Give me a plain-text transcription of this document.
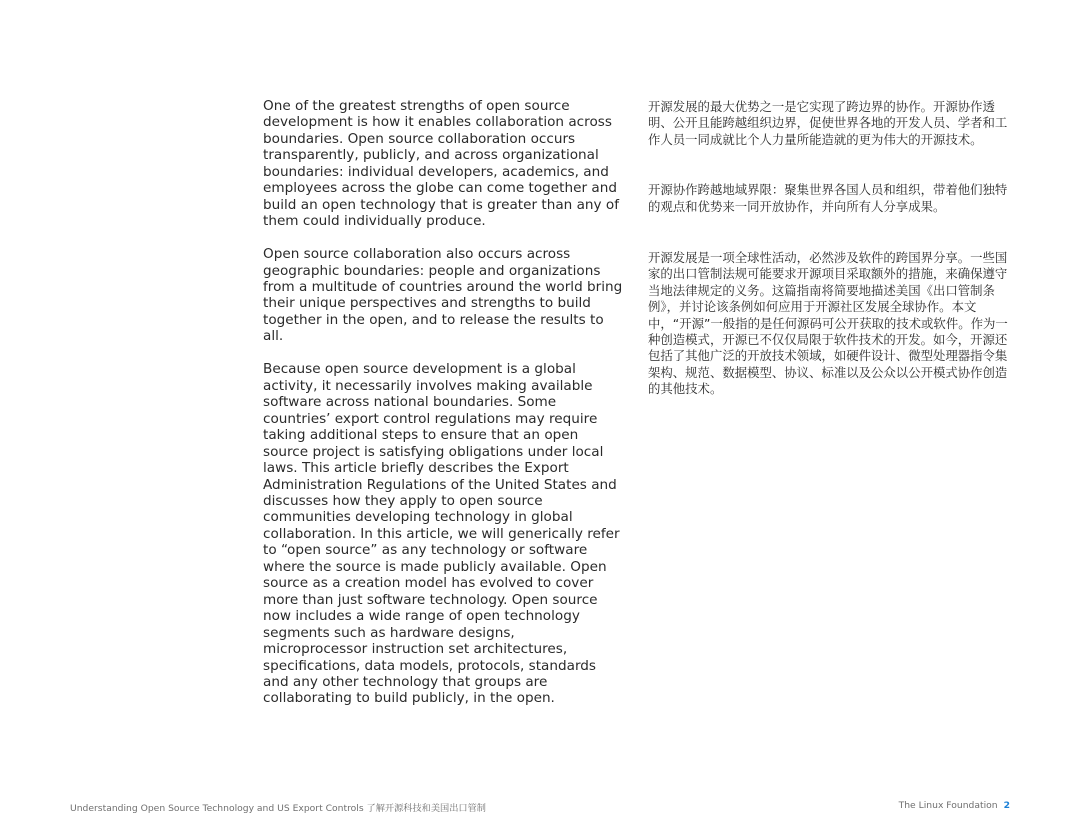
One of the greatest strengths of open source development is how it enables collaboration across boundaries. Open source collaboration occurs transparently, publicly, and across organizational boundaries: individual developers, academics, and employees across the globe can come together and build an open technology that is greater than any of them could individually produce.

Open source collaboration also occurs across geographic boundaries: people and organizations from a multitude of countries around the world bring their unique perspectives and strengths to build together in the open, and to release the results to all.

Because open source development is a global activity, it necessarily involves making available software across national boundaries. Some countries’ export control regulations may require taking additional steps to ensure that an open source project is satisfying obligations under local laws. This article briefly describes the Export Administration Regulations of the United States and discusses how they apply to open source communities developing technology in global collaboration. In this article, we will generically refer to “open source” as any technology or software where the source is made publicly available. Open source as a creation model has evolved to cover more than just software technology. Open source now includes a wide range of open technology segments such as hardware designs, microprocessor instruction set architectures, specifications, data models, protocols, standards and any other technology that groups are collaborating to build publicly, in the open.

开源发展的最大优势之一是它实现了跨边界的协作。开源协作透明、公开且能跨越组织边界，促使世界各地的开发人员、学者和工作人员一同成就比个人力量所能造就的更为伟大的开源技术。

开源协作跨越地域界限：聚集世界各国人员和组织，带着他们独特的观点和优势来一同开放协作，并向所有人分享成果。

开源发展是一项全球性活动，必然涉及软件的跨国界分享。一些国家的出口管制法规可能要求开源项目采取额外的措施，来确保遵守当地法律规定的义务。这篇指南将简要地描述美国《出口管制条例》，并讨论该条例如何应用于开源社区发展全球协作。本文中，“开源”一般指的是任何源码可公开获取的技术或软件。作为一种创造模式，开源已不仅仅局限于软件技术的开发。如今，开源还包括了其他广泛的开放技术领域，如硬件设计、微型处理器指令集架构、规范、数据模型、协议、标准以及公众以公开模式协作创造的其他技术。

Understanding Open Source Technology and US Export Controls 了解开源科技和美国出口管制	The Linux Foundation 2
